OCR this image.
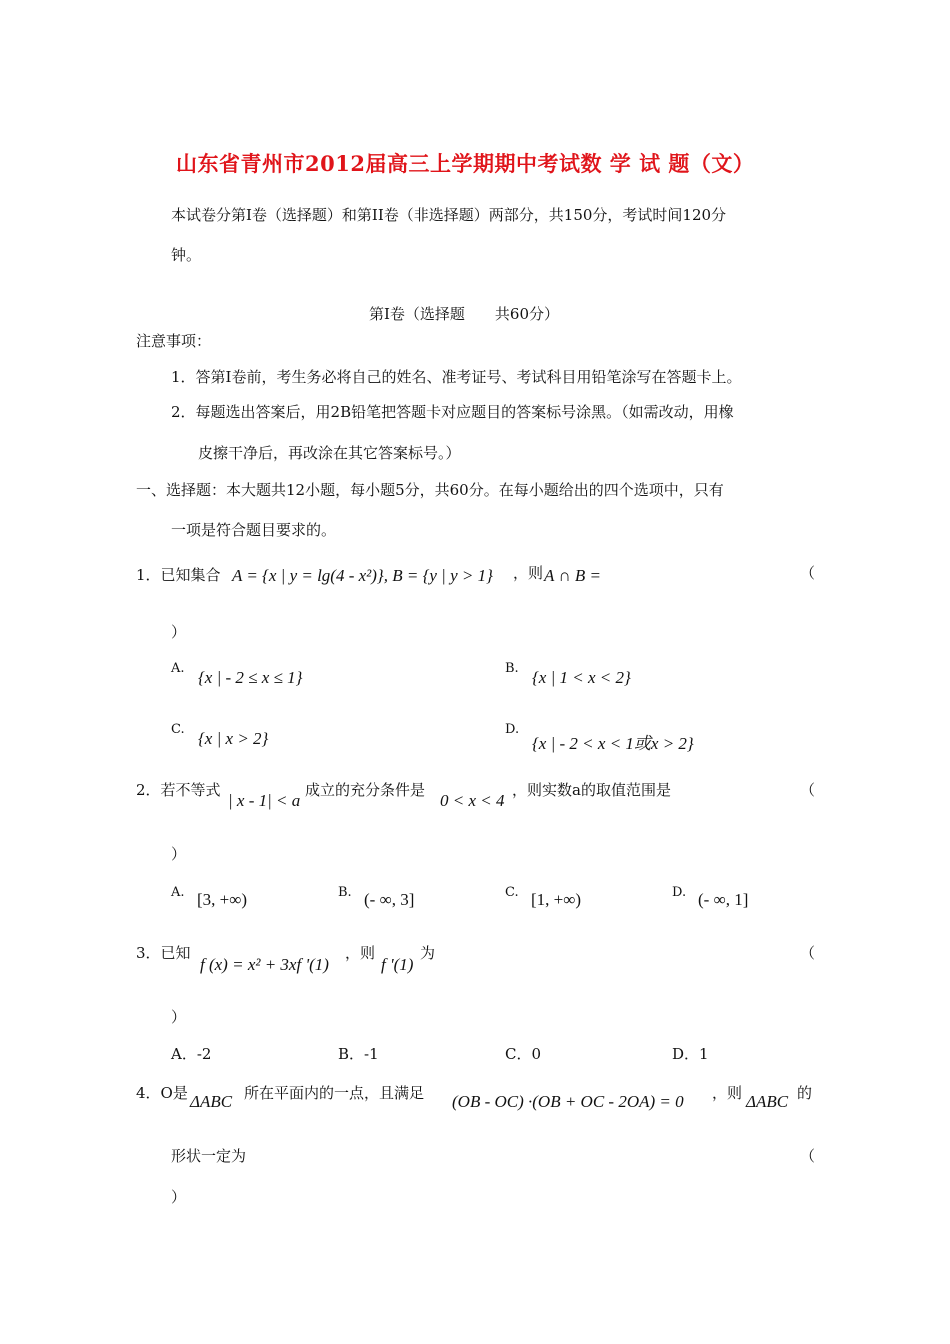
山东省青州市2012届高三上学期期中考试数 学 试 题（文）
本试卷分第Ⅰ卷（选择题）和第II卷（非选择题）两部分，共150分，考试时间120分
钟。
第Ⅰ卷（选择题　　共60分）
注意事项：
1．答第Ⅰ卷前，考生务必将自己的姓名、准考证号、考试科目用铅笔涂写在答题卡上。
2．每题选出答案后，用2B铅笔把答题卡对应题目的答案标号涂黑。（如需改动，用橡
皮擦干净后，再改涂在其它答案标号。）
一、选择题：本大题共12小题，每小题5分，共60分。在每小题给出的四个选项中，只有
一项是符合题目要求的。
1．已知集合 A = {x | y = lg(4 - x²)}, B = {y | y > 1} ，则 A ∩ B =	（
）
A. {x | - 2 ≤ x ≤ 1}	B. {x | 1 < x < 2}
C. {x | x > 2}	D.
{x | - 2 < x < 1或x > 2}
2．若不等式
| x - 1| < a
成立的充分条件是
0 < x < 4
，则实数a的取值范围是	（
）
A. [3, +∞)	B. (- ∞, 3]	C. [1, +∞)	D. (- ∞, 1]
3．已知
f (x) = x² + 3xf '(1)
，则
f '(1)
为	（
）
A．-2	B．-1	C．0	D．1
4．O是 ΔABC 所在平面内的一点，且满足 (OB - OC) ·(OB + OC - 2OA) = 0 ，则 ΔABC 的
形状一定为	（
）
